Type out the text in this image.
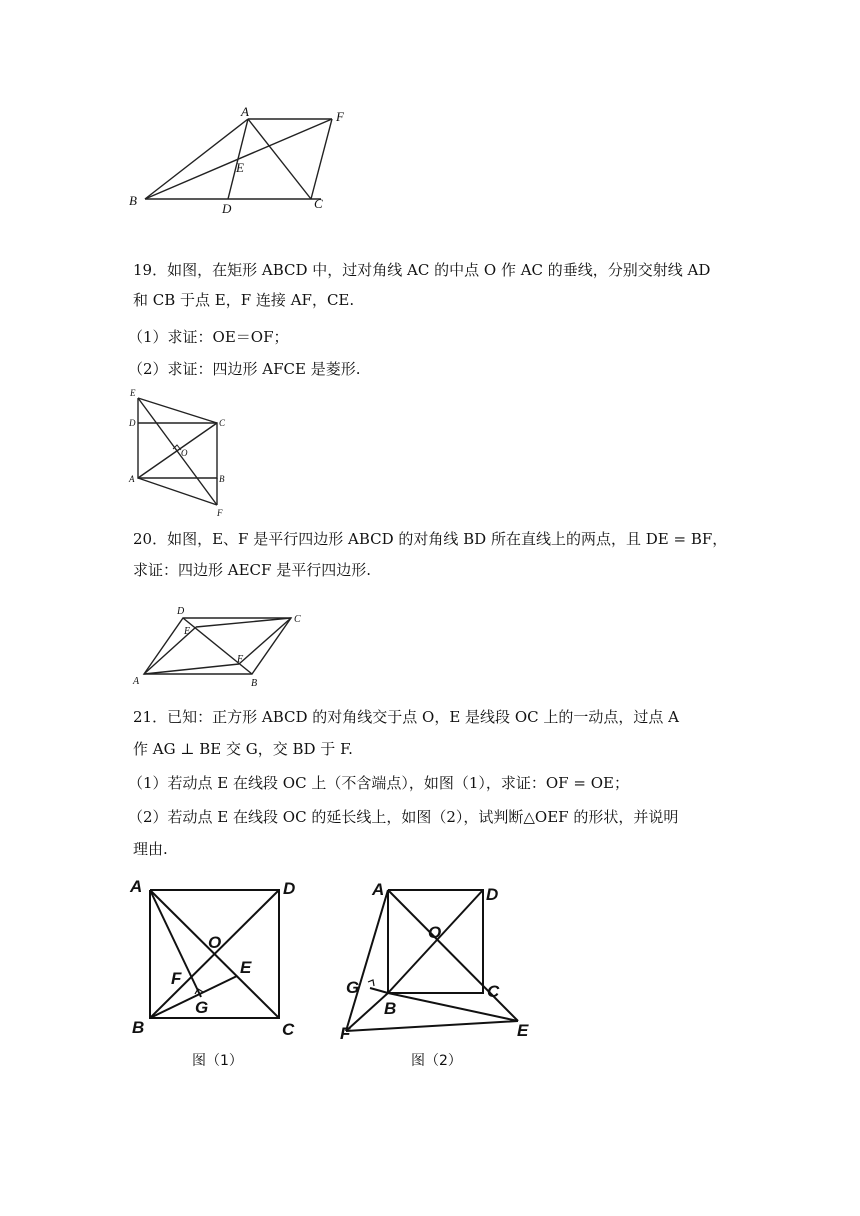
A	F
E
B
D	C
19．如图，在矩形 ABCD 中，过对角线 AC 的中点 O 作 AC 的垂线，分别交射线 AD
和 CB 于点 E，F 连接 AF，CE.
（1）求证：OE＝OF；
（2）求证：四边形 AFCE 是菱形.
E
D	C
O
A	B
F
20．如图，E、F 是平行四边形 ABCD 的对角线 BD 所在直线上的两点，且 DE = BF，
求证：四边形 AECF 是平行四边形.
D
C
E
F
A	B
21．已知：正方形 ABCD 的对角线交于点 O，E 是线段 OC 上的一动点，过点 A
作 AG ⊥ BE 交 G，交 BD 于 F.
（1）若动点 E 在线段 OC 上（不含端点），如图（1），求证：OF = OE；
（2）若动点 E 在线段 OC 的延长线上，如图（2），试判断△OEF 的形状，并说明
理由.
A	D
O
F
E
G
B	C
图（1）
A	D
O
G
B
C
F	E
图（2）
